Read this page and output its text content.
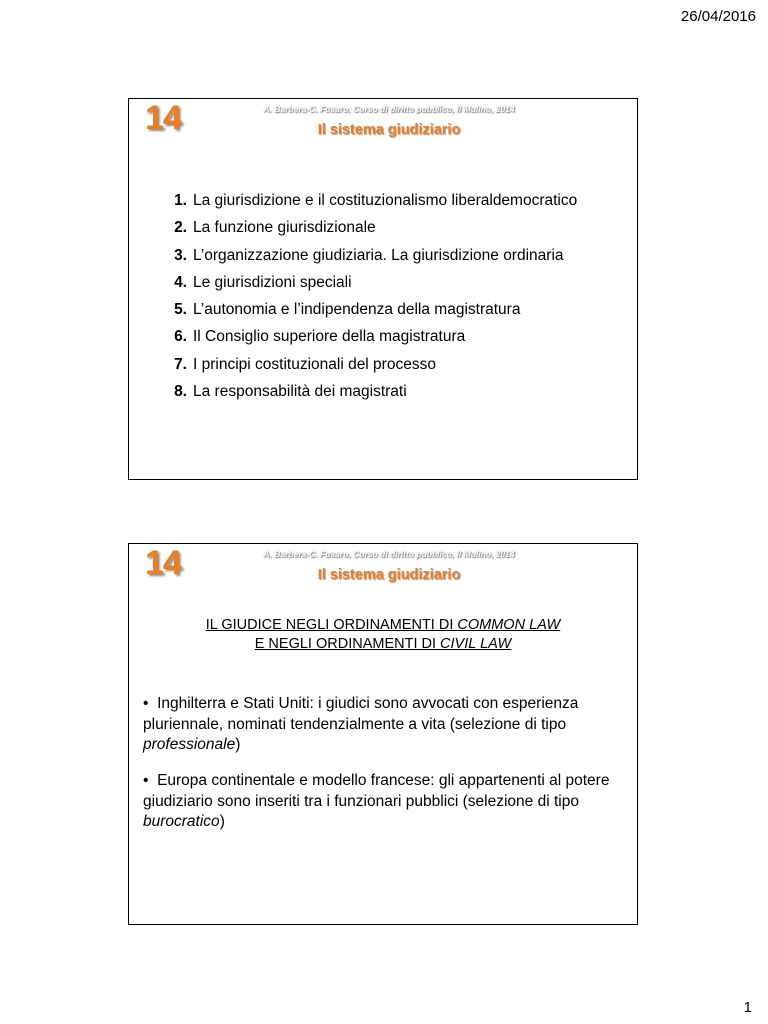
26/04/2016
14	A. Barbera-C. Fusaro, Corso di diritto pubblico, Il Mulino, 2014
Il sistema giudiziario
1. La giurisdizione e il costituzionalismo liberaldemocratico
2. La funzione giurisdizionale
3. L’organizzazione giudiziaria. La giurisdizione ordinaria
4. Le giurisdizioni speciali
5. L’autonomia e l’indipendenza della magistratura
6. Il Consiglio superiore della magistratura
7. I principi costituzionali del processo
8. La responsabilità dei magistrati
14	A. Barbera-C. Fusaro, Corso di diritto pubblico, Il Mulino, 2014
Il sistema giudiziario
IL GIUDICE NEGLI ORDINAMENTI DI COMMON LAW
E NEGLI ORDINAMENTI DI CIVIL LAW
• Inghilterra e Stati Uniti: i giudici sono avvocati con esperienza pluriennale, nominati tendenzialmente a vita (selezione di tipo professionale)
• Europa continentale e modello francese: gli appartenenti al potere giudiziario sono inseriti tra i funzionari pubblici (selezione di tipo burocratico)
1
